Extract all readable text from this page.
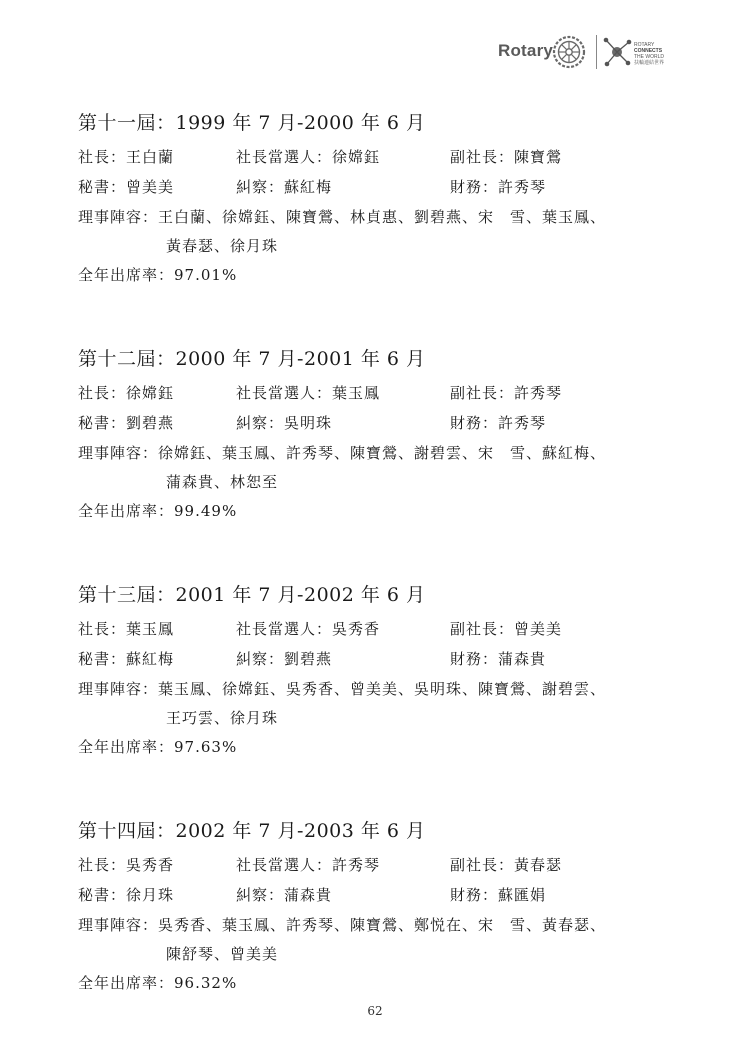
Rotary	ROTARY
CONNECTS
THE WORLD
扶輪連結世界
第十一屆：1999 年 7 月-2000 年 6 月
社長：王白蘭	社長當選人：徐嫦鈺	副社長：陳寶鶯
秘書：曾美美	糾察：蘇紅梅	財務：許秀琴
理事陣容：王白蘭、徐嫦鈺、陳寶鶯、林貞惠、劉碧燕、宋　雪、葉玉鳳、
黃春瑟、徐月珠
全年出席率：97.01%
第十二屆：2000 年 7 月-2001 年 6 月
社長：徐嫦鈺	社長當選人：葉玉鳳	副社長：許秀琴
秘書：劉碧燕	糾察：吳明珠	財務：許秀琴
理事陣容：徐嫦鈺、葉玉鳳、許秀琴、陳寶鶯、謝碧雲、宋　雪、蘇紅梅、
蒲森貴、林恕至
全年出席率：99.49%
第十三屆：2001 年 7 月-2002 年 6 月
社長：葉玉鳳	社長當選人：吳秀香	副社長：曾美美
秘書：蘇紅梅	糾察：劉碧燕	財務：蒲森貴
理事陣容：葉玉鳳、徐嫦鈺、吳秀香、曾美美、吳明珠、陳寶鶯、謝碧雲、
王巧雲、徐月珠
全年出席率：97.63%
第十四屆：2002 年 7 月-2003 年 6 月
社長：吳秀香	社長當選人：許秀琴	副社長：黃春瑟
秘書：徐月珠	糾察：蒲森貴	財務：蘇匯娟
理事陣容：吳秀香、葉玉鳳、許秀琴、陳寶鶯、鄭悦在、宋　雪、黃春瑟、
陳舒琴、曾美美
全年出席率：96.32%
62
